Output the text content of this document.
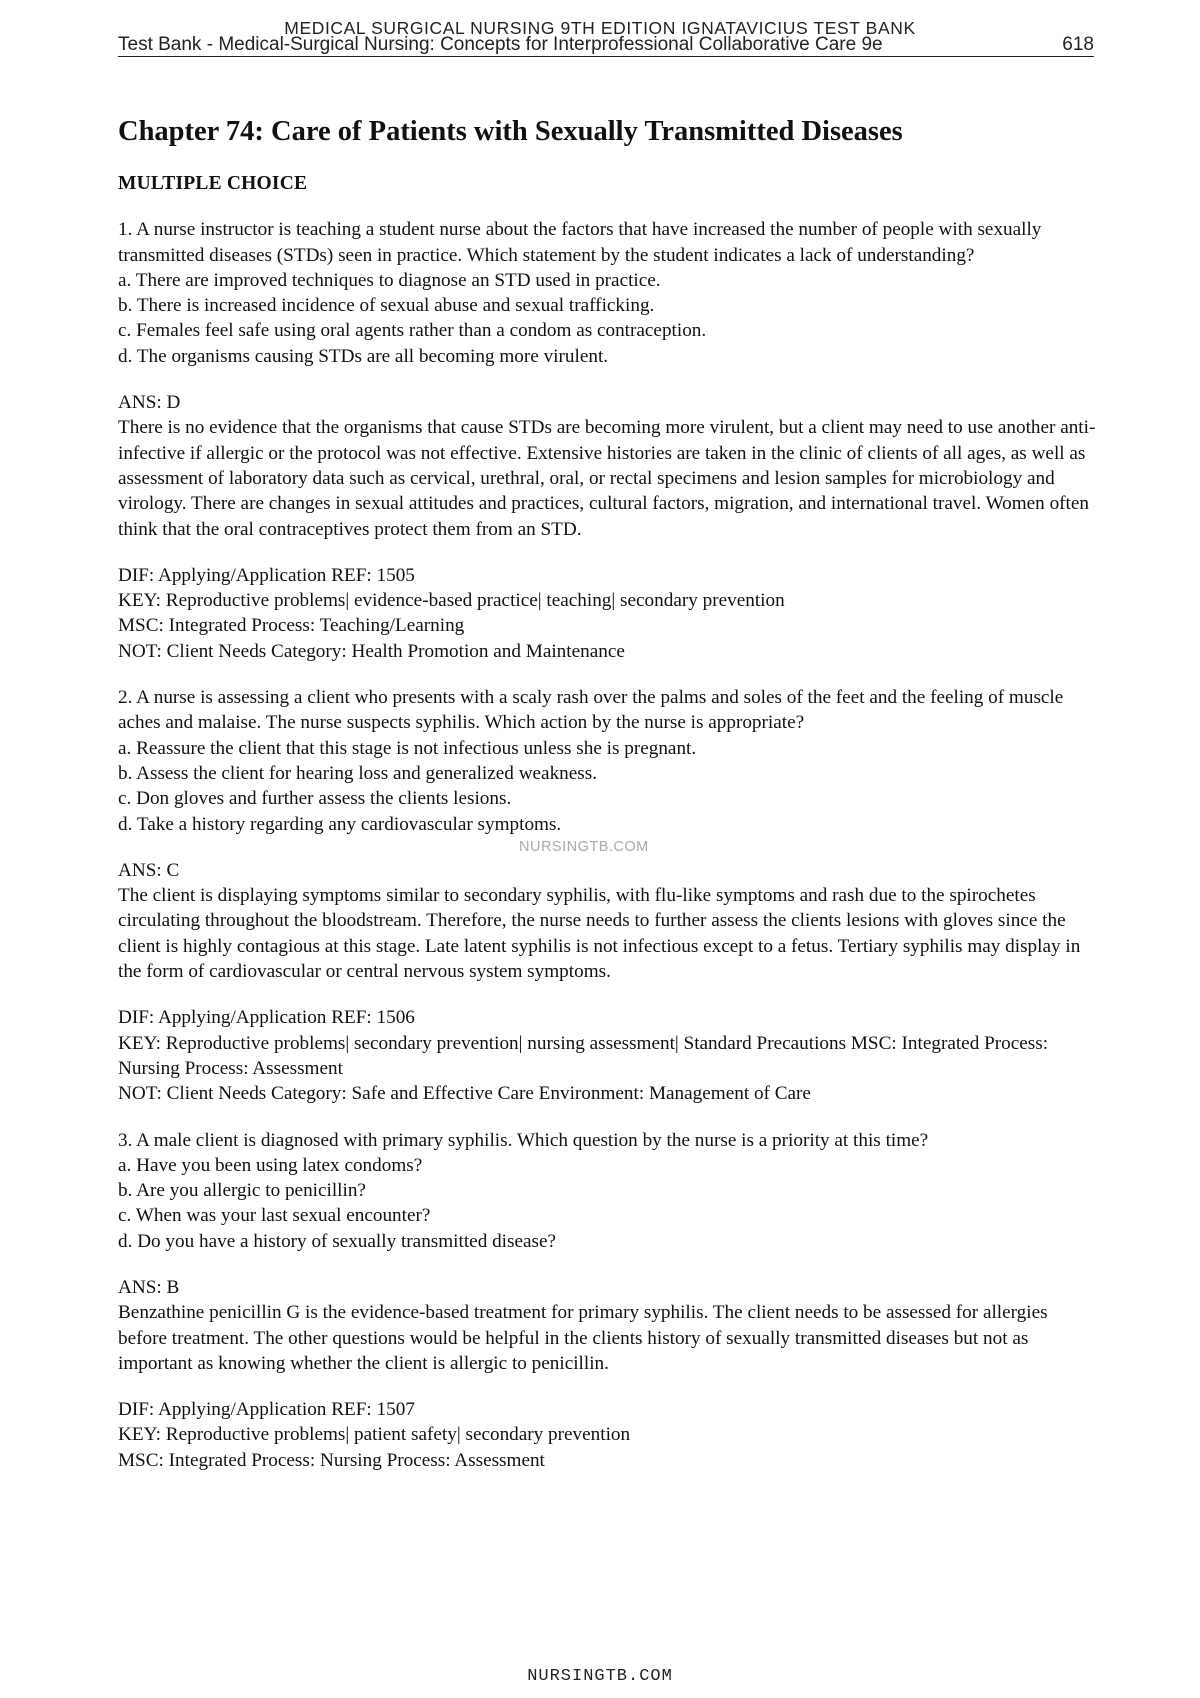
MEDICAL SURGICAL NURSING 9TH EDITION IGNATAVICIUS TEST BANK
Test Bank - Medical-Surgical Nursing: Concepts for Interprofessional Collaborative Care 9e	618
Chapter 74: Care of Patients with Sexually Transmitted Diseases
MULTIPLE CHOICE

1. A nurse instructor is teaching a student nurse about the factors that have increased the number of people with sexually transmitted diseases (STDs) seen in practice. Which statement by the student indicates a lack of understanding?

a. There are improved techniques to diagnose an STD used in practice.

b. There is increased incidence of sexual abuse and sexual trafficking.

c. Females feel safe using oral agents rather than a condom as contraception.

d. The organisms causing STDs are all becoming more virulent.

ANS: D

There is no evidence that the organisms that cause STDs are becoming more virulent, but a client may need to use another anti-infective if allergic or the protocol was not effective. Extensive histories are taken in the clinic of clients of all ages, as well as assessment of laboratory data such as cervical, urethral, oral, or rectal specimens and lesion samples for microbiology and virology. There are changes in sexual attitudes and practices, cultural factors, migration, and international travel. Women often think that the oral contraceptives protect them from an STD.

DIF: Applying/Application REF: 1505

KEY: Reproductive problems| evidence-based practice| teaching| secondary prevention

MSC: Integrated Process: Teaching/Learning

NOT: Client Needs Category: Health Promotion and Maintenance

2. A nurse is assessing a client who presents with a scaly rash over the palms and soles of the feet and the feeling of muscle aches and malaise. The nurse suspects syphilis. Which action by the nurse is appropriate?

a. Reassure the client that this stage is not infectious unless she is pregnant.

b. Assess the client for hearing loss and generalized weakness.

c. Don gloves and further assess the clients lesions.

d. Take a history regarding any cardiovascular symptoms.

ANS: C

The client is displaying symptoms similar to secondary syphilis, with flu-like symptoms and rash due to the spirochetes circulating throughout the bloodstream. Therefore, the nurse needs to further assess the clients lesions with gloves since the client is highly contagious at this stage. Late latent syphilis is not infectious except to a fetus. Tertiary syphilis may display in the form of cardiovascular or central nervous system symptoms.

DIF: Applying/Application REF: 1506

KEY: Reproductive problems| secondary prevention| nursing assessment| Standard Precautions MSC: Integrated Process: Nursing Process: Assessment

NOT: Client Needs Category: Safe and Effective Care Environment: Management of Care

3. A male client is diagnosed with primary syphilis. Which question by the nurse is a priority at this time?

a. Have you been using latex condoms?

b. Are you allergic to penicillin?

c. When was your last sexual encounter?

d. Do you have a history of sexually transmitted disease?

ANS: B

Benzathine penicillin G is the evidence-based treatment for primary syphilis. The client needs to be assessed for allergies before treatment. The other questions would be helpful in the clients history of sexually transmitted diseases but not as important as knowing whether the client is allergic to penicillin.

DIF: Applying/Application REF: 1507

KEY: Reproductive problems| patient safety| secondary prevention

MSC: Integrated Process: Nursing Process: Assessment

NURSINGTB.COM
NURSINGTB.COM
